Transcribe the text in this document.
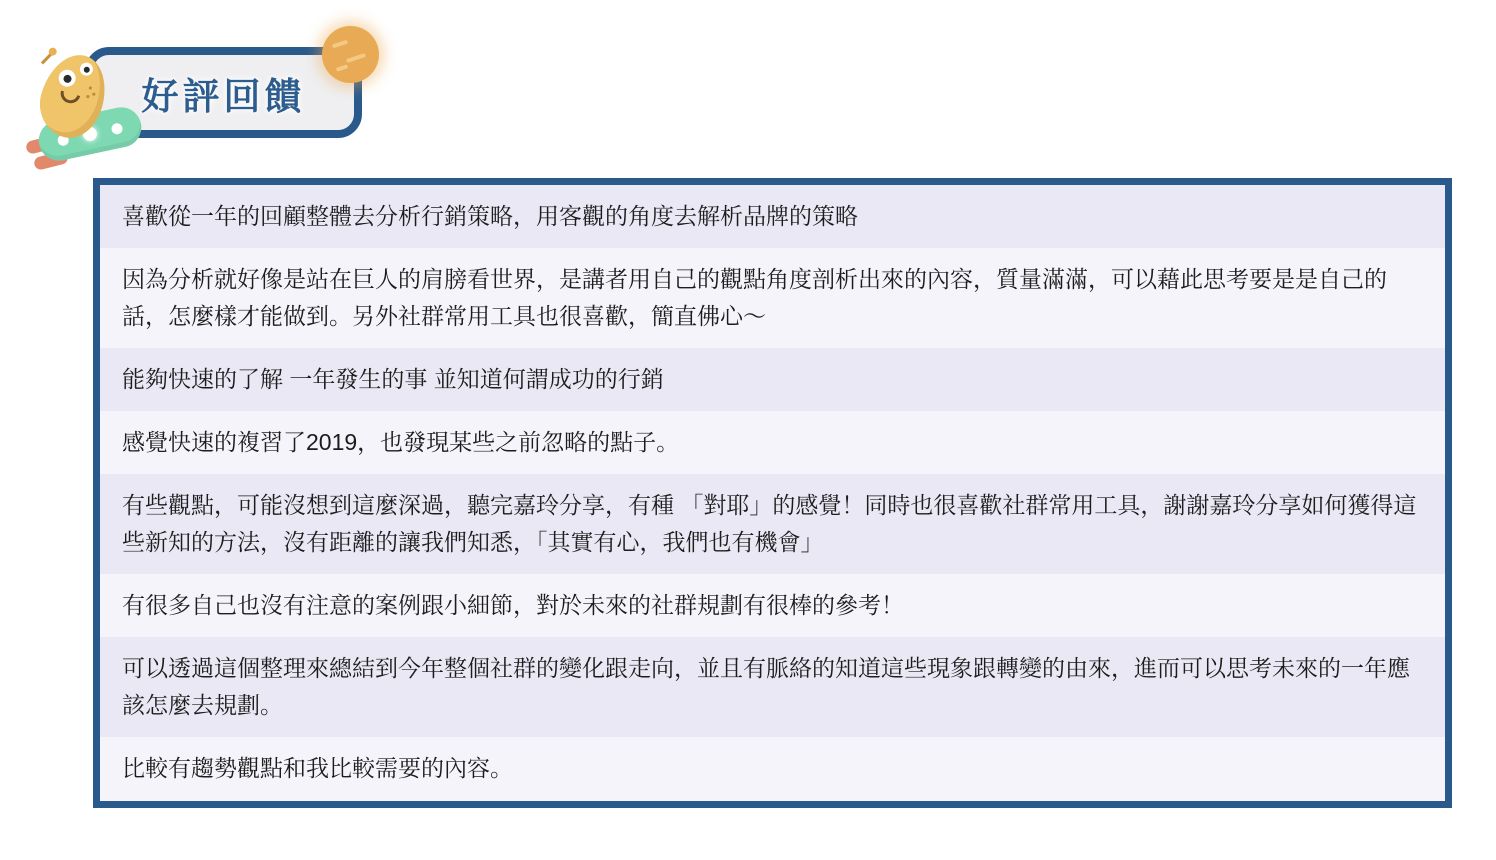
好評回饋
喜歡從一年的回顧整體去分析行銷策略，用客觀的角度去解析品牌的策略
因為分析就好像是站在巨人的肩膀看世界，是講者用自己的觀點角度剖析出來的內容，質量滿滿，可以藉此思考要是是自己的話，怎麼樣才能做到。另外社群常用工具也很喜歡，簡直佛心～
能夠快速的了解 一年發生的事 並知道何謂成功的行銷
感覺快速的複習了2019，也發現某些之前忽略的點子。
有些觀點，可能沒想到這麼深過，聽完嘉玲分享，有種 「對耶」的感覺！同時也很喜歡社群常用工具，謝謝嘉玲分享如何獲得這些新知的方法，沒有距離的讓我們知悉，「其實有心，我們也有機會」
有很多自己也沒有注意的案例跟小細節，對於未來的社群規劃有很棒的參考！
可以透過這個整理來總結到今年整個社群的變化跟走向，並且有脈絡的知道這些現象跟轉變的由來，進而可以思考未來的一年應該怎麼去規劃。
比較有趨勢觀點和我比較需要的內容。
